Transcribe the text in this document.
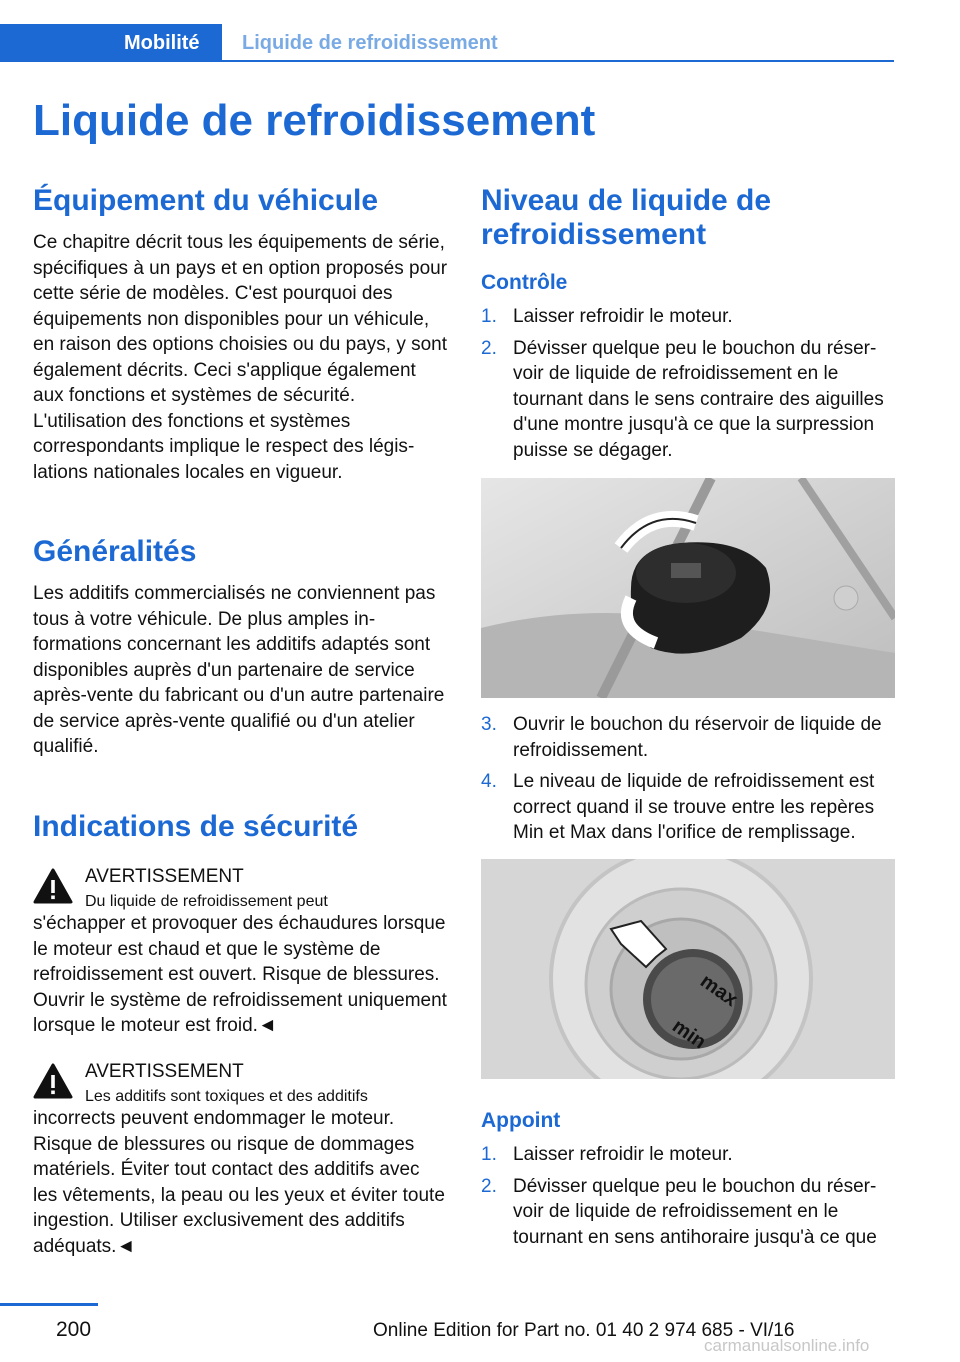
Mobilité Liquide de refroidissement
Liquide de refroidissement
Équipement du véhicule

Ce chapitre décrit tous les équipements de série, spécifiques à un pays et en option proposés pour cette série de modèles. C'est pourquoi des équipements non disponibles pour un véhicule, en raison des options choisies ou du pays, y sont également décrits. Ceci s'applique également aux fonctions et systèmes de sécurité. L'utilisation des fonctions et systèmes correspondants implique le respect des législations nationales locales en vigueur.

Généralités

Les additifs commercialisés ne conviennent pas tous à votre véhicule. De plus amples informations concernant les additifs adaptés sont disponibles auprès d'un partenaire de service après-vente du fabricant ou d'un autre partenaire de service après-vente qualifié ou d'un atelier qualifié.

Indications de sécurité
AVERTISSEMENT
Du liquide de refroidissement peut
s'échapper et provoquer des échaudures lorsque le moteur est chaud et que le système de refroidissement est ouvert. Risque de blessures. Ouvrir le système de refroidissement uniquement lorsque le moteur est froid.◄
AVERTISSEMENT
Les additifs sont toxiques et des additifs
incorrects peuvent endommager le moteur. Risque de blessures ou risque de dommages matériels. Éviter tout contact des additifs avec les vêtements, la peau ou les yeux et éviter toute ingestion. Utiliser exclusivement des additifs adéquats.◄
Niveau de liquide de refroidissement
Contrôle
1. Laisser refroidir le moteur.
2. Dévisser quelque peu le bouchon du réservoir de liquide de refroidissement en le tournant dans le sens contraire des aiguilles d'une montre jusqu'à ce que la surpression puisse se dégager.
3. Ouvrir le bouchon du réservoir de liquide de refroidissement.
4. Le niveau de liquide de refroidissement est correct quand il se trouve entre les repères Min et Max dans l'orifice de remplissage.
max
min
Appoint
1. Laisser refroidir le moteur.
2. Dévisser quelque peu le bouchon du réservoir de liquide de refroidissement en le tournant en sens antihoraire jusqu'à ce que
200	Online Edition for Part no. 01 40 2 974 685 - VI/16
carmanualsonline.info
